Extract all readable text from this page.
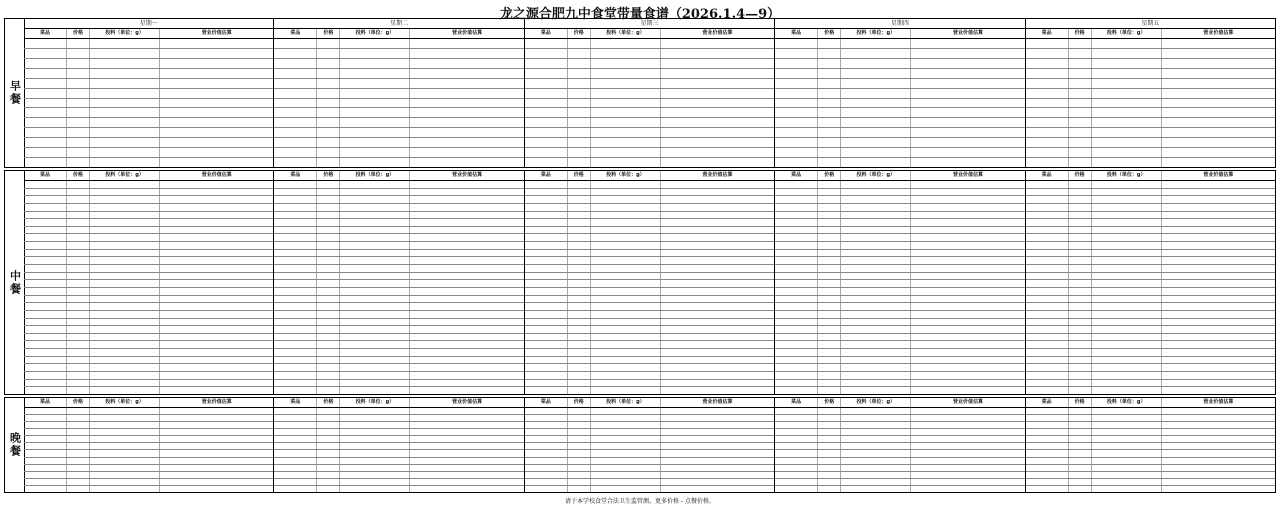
龙之源合肥九中食堂带量食谱（2026.1.4—9）
早餐
星期一
菜品	价格	投料（单位：g）	营业价值估算
星期二
菜品	价格	投料（单位：g）	营业价值估算
星期三
菜品	价格	投料（单位：g）	营业价值估算
星期四
菜品	价格	投料（单位：g）	营业价值估算
星期五
菜品	价格	投料（单位：g）	营业价值估算
中餐
菜品	价格	投料（单位：g）	营业价值估算	菜品	价格	投料（单位：g）	营业价值估算	菜品	价格	投料（单位：g）	营业价值估算	菜品	价格	投料（单位：g）	营业价值估算	菜品	价格	投料（单位：g）	营业价值估算
晚餐
菜品	价格	投料（单位：g）	营业价值估算	菜品	价格	投料（单位：g）	营业价值估算	菜品	价格	投料（单位：g）	营业价值估算	菜品	价格	投料（单位：g）	营业价值估算	菜品	价格	投料（单位：g）	营业价值估算
请于本学校食堂合法卫生监管测。更多价格 - 点餐价格。
